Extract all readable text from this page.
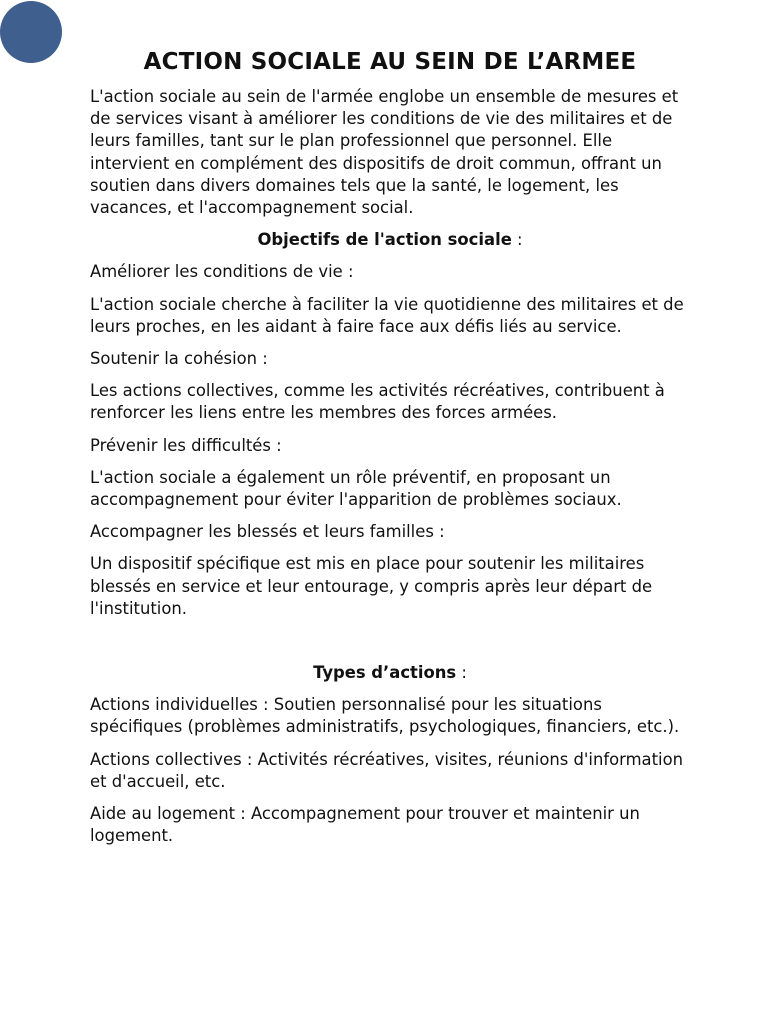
ACTION SOCIALE AU SEIN DE L’ARMEE

L'action sociale au sein de l'armée englobe un ensemble de mesures et de services visant à améliorer les conditions de vie des militaires et de leurs familles, tant sur le plan professionnel que personnel. Elle intervient en complément des dispositifs de droit commun, offrant un soutien dans divers domaines tels que la santé, le logement, les vacances, et l'accompagnement social.

Objectifs de l'action sociale :

Améliorer les conditions de vie :

L'action sociale cherche à faciliter la vie quotidienne des militaires et de leurs proches, en les aidant à faire face aux défis liés au service.

Soutenir la cohésion :

Les actions collectives, comme les activités récréatives, contribuent à renforcer les liens entre les membres des forces armées.

Prévenir les difficultés :

L'action sociale a également un rôle préventif, en proposant un accompagnement pour éviter l'apparition de problèmes sociaux.

Accompagner les blessés et leurs familles :

Un dispositif spécifique est mis en place pour soutenir les militaires blessés en service et leur entourage, y compris après leur départ de l'institution.

Types d’actions :

Actions individuelles : Soutien personnalisé pour les situations spécifiques (problèmes administratifs, psychologiques, financiers, etc.).

Actions collectives : Activités récréatives, visites, réunions d'information et d'accueil, etc.

Aide au logement : Accompagnement pour trouver et maintenir un logement.
